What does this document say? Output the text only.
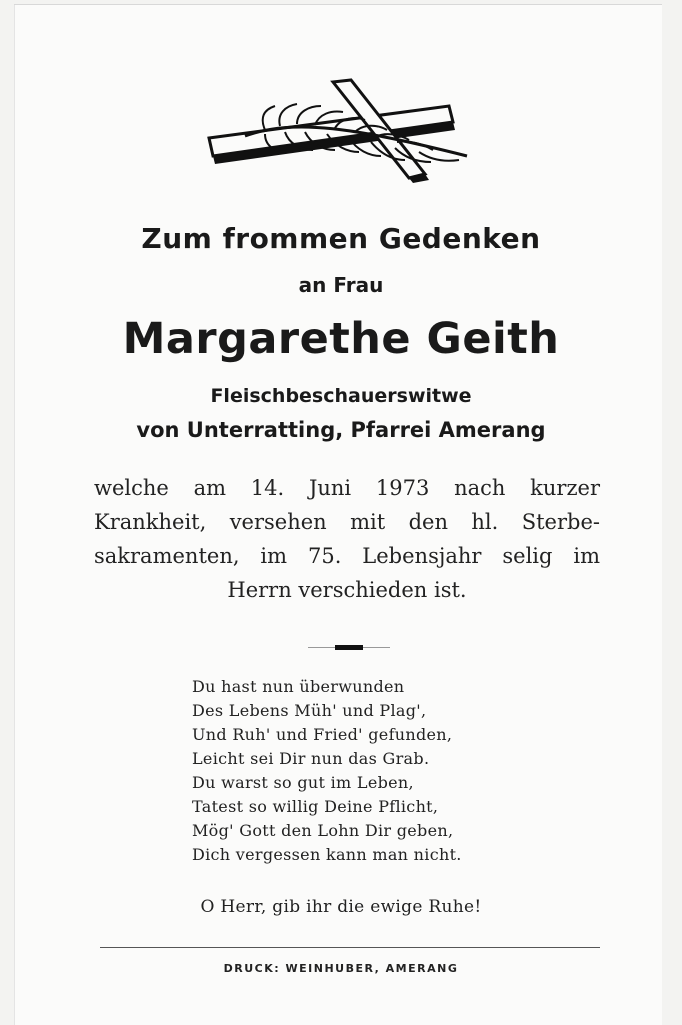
Zum frommen Gedenken
an Frau
Margarethe Geith
Fleischbeschauerswitwe
von Unterratting, Pfarrei Amerang
welche am 14. Juni 1973 nach kurzer
Krankheit, versehen mit den hl. Sterbe-
sakramenten, im 75. Lebensjahr selig im
Herrn verschieden ist.
Du hast nun überwunden
Des Lebens Müh' und Plag',
Und Ruh' und Fried' gefunden,
Leicht sei Dir nun das Grab.
Du warst so gut im Leben,
Tatest so willig Deine Pflicht,
Mög' Gott den Lohn Dir geben,
Dich vergessen kann man nicht.
O Herr, gib ihr die ewige Ruhe!
DRUCK: WEINHUBER, AMERANG
